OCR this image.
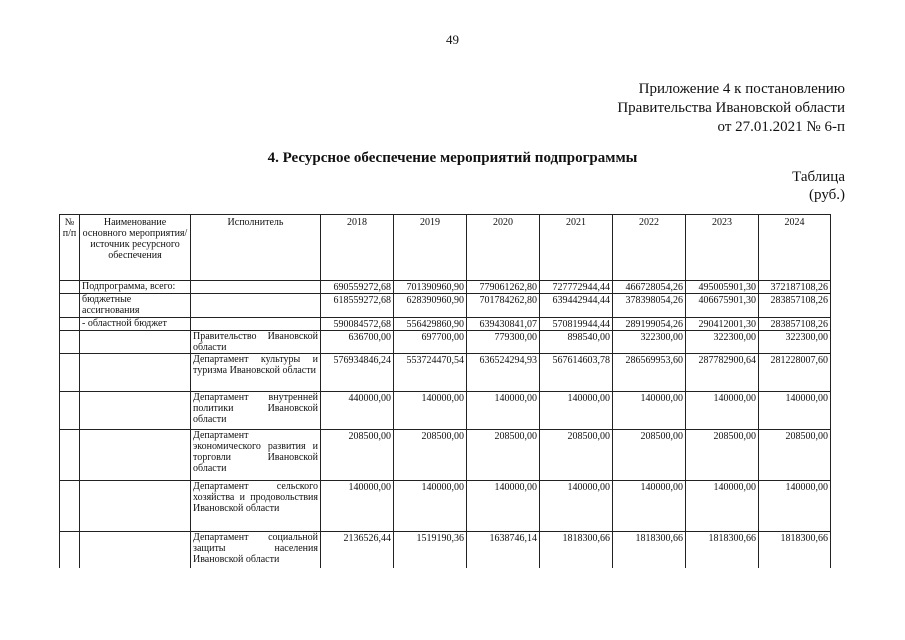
49
Приложение 4 к постановлению
Правительства Ивановской области
от 27.01.2021 № 6-п
4. Ресурсное обеспечение мероприятий подпрограммы
Таблица
(руб.)
№ п/п	Наименование основного мероприятия/ источник ресурсного обеспечения	Исполнитель	2018	2019	2020	2021	2022	2023	2024
	Подпрограмма, всего:		690559272,68	701390960,90	779061262,80	727772944,44	466728054,26	495005901,30	372187108,26
	бюджетные ассигнования		618559272,68	628390960,90	701784262,80	639442944,44	378398054,26	406675901,30	283857108,26
	- областной бюджет		590084572,68	556429860,90	639430841,07	570819944,44	289199054,26	290412001,30	283857108,26
		Правительство Ивановской области	636700,00	697700,00	779300,00	898540,00	322300,00	322300,00	322300,00
		Департамент культуры и туризма Ивановской области	576934846,24	553724470,54	636524294,93	567614603,78	286569953,60	287782900,64	281228007,60
		Департамент внутренней политики Ивановской области	440000,00	140000,00	140000,00	140000,00	140000,00	140000,00	140000,00
		Департамент экономического развития и торговли Ивановской области	208500,00	208500,00	208500,00	208500,00	208500,00	208500,00	208500,00
		Департамент сельского хозяйства и продовольствия Ивановской области	140000,00	140000,00	140000,00	140000,00	140000,00	140000,00	140000,00
		Департамент социальной защиты населения Ивановской области	2136526,44	1519190,36	1638746,14	1818300,66	1818300,66	1818300,66	1818300,66
